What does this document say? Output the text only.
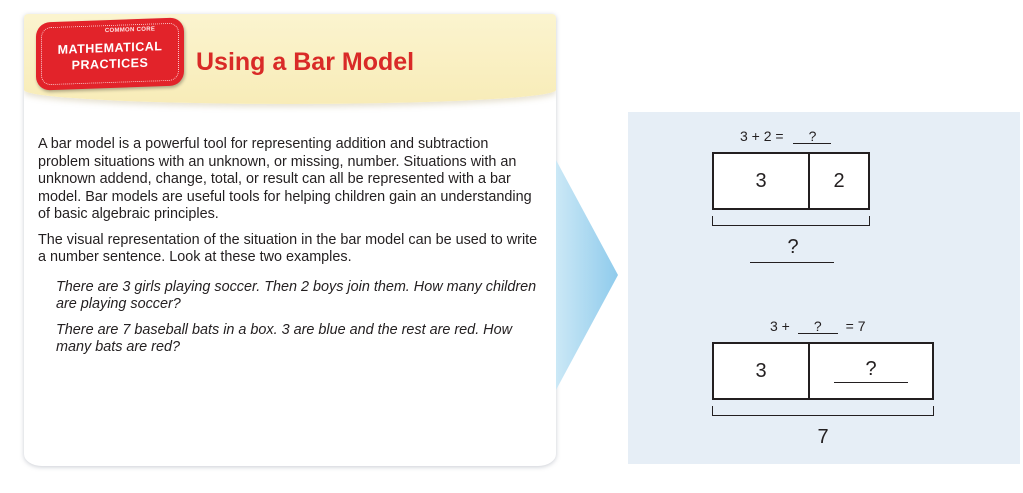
COMMON CORE
MATHEMATICAL
PRACTICES	Using a Bar Model

A bar model is a powerful tool for representing addition and subtraction problem situations with an unknown, or missing, number. Situations with an unknown addend, change, total, or result can all be represented with a bar model. Bar models are useful tools for helping children gain an understanding of basic algebraic principles.

The visual representation of the situation in the bar model can be used to write a number sentence. Look at these two examples.

There are 3 girls playing soccer. Then 2 boys join them. How many children are playing soccer?

There are 7 baseball bats in a box. 3 are blue and the rest are red. How many bats are red?

3 + 2 = ?
3	2
?
3 + ? = 7
3	?
7
